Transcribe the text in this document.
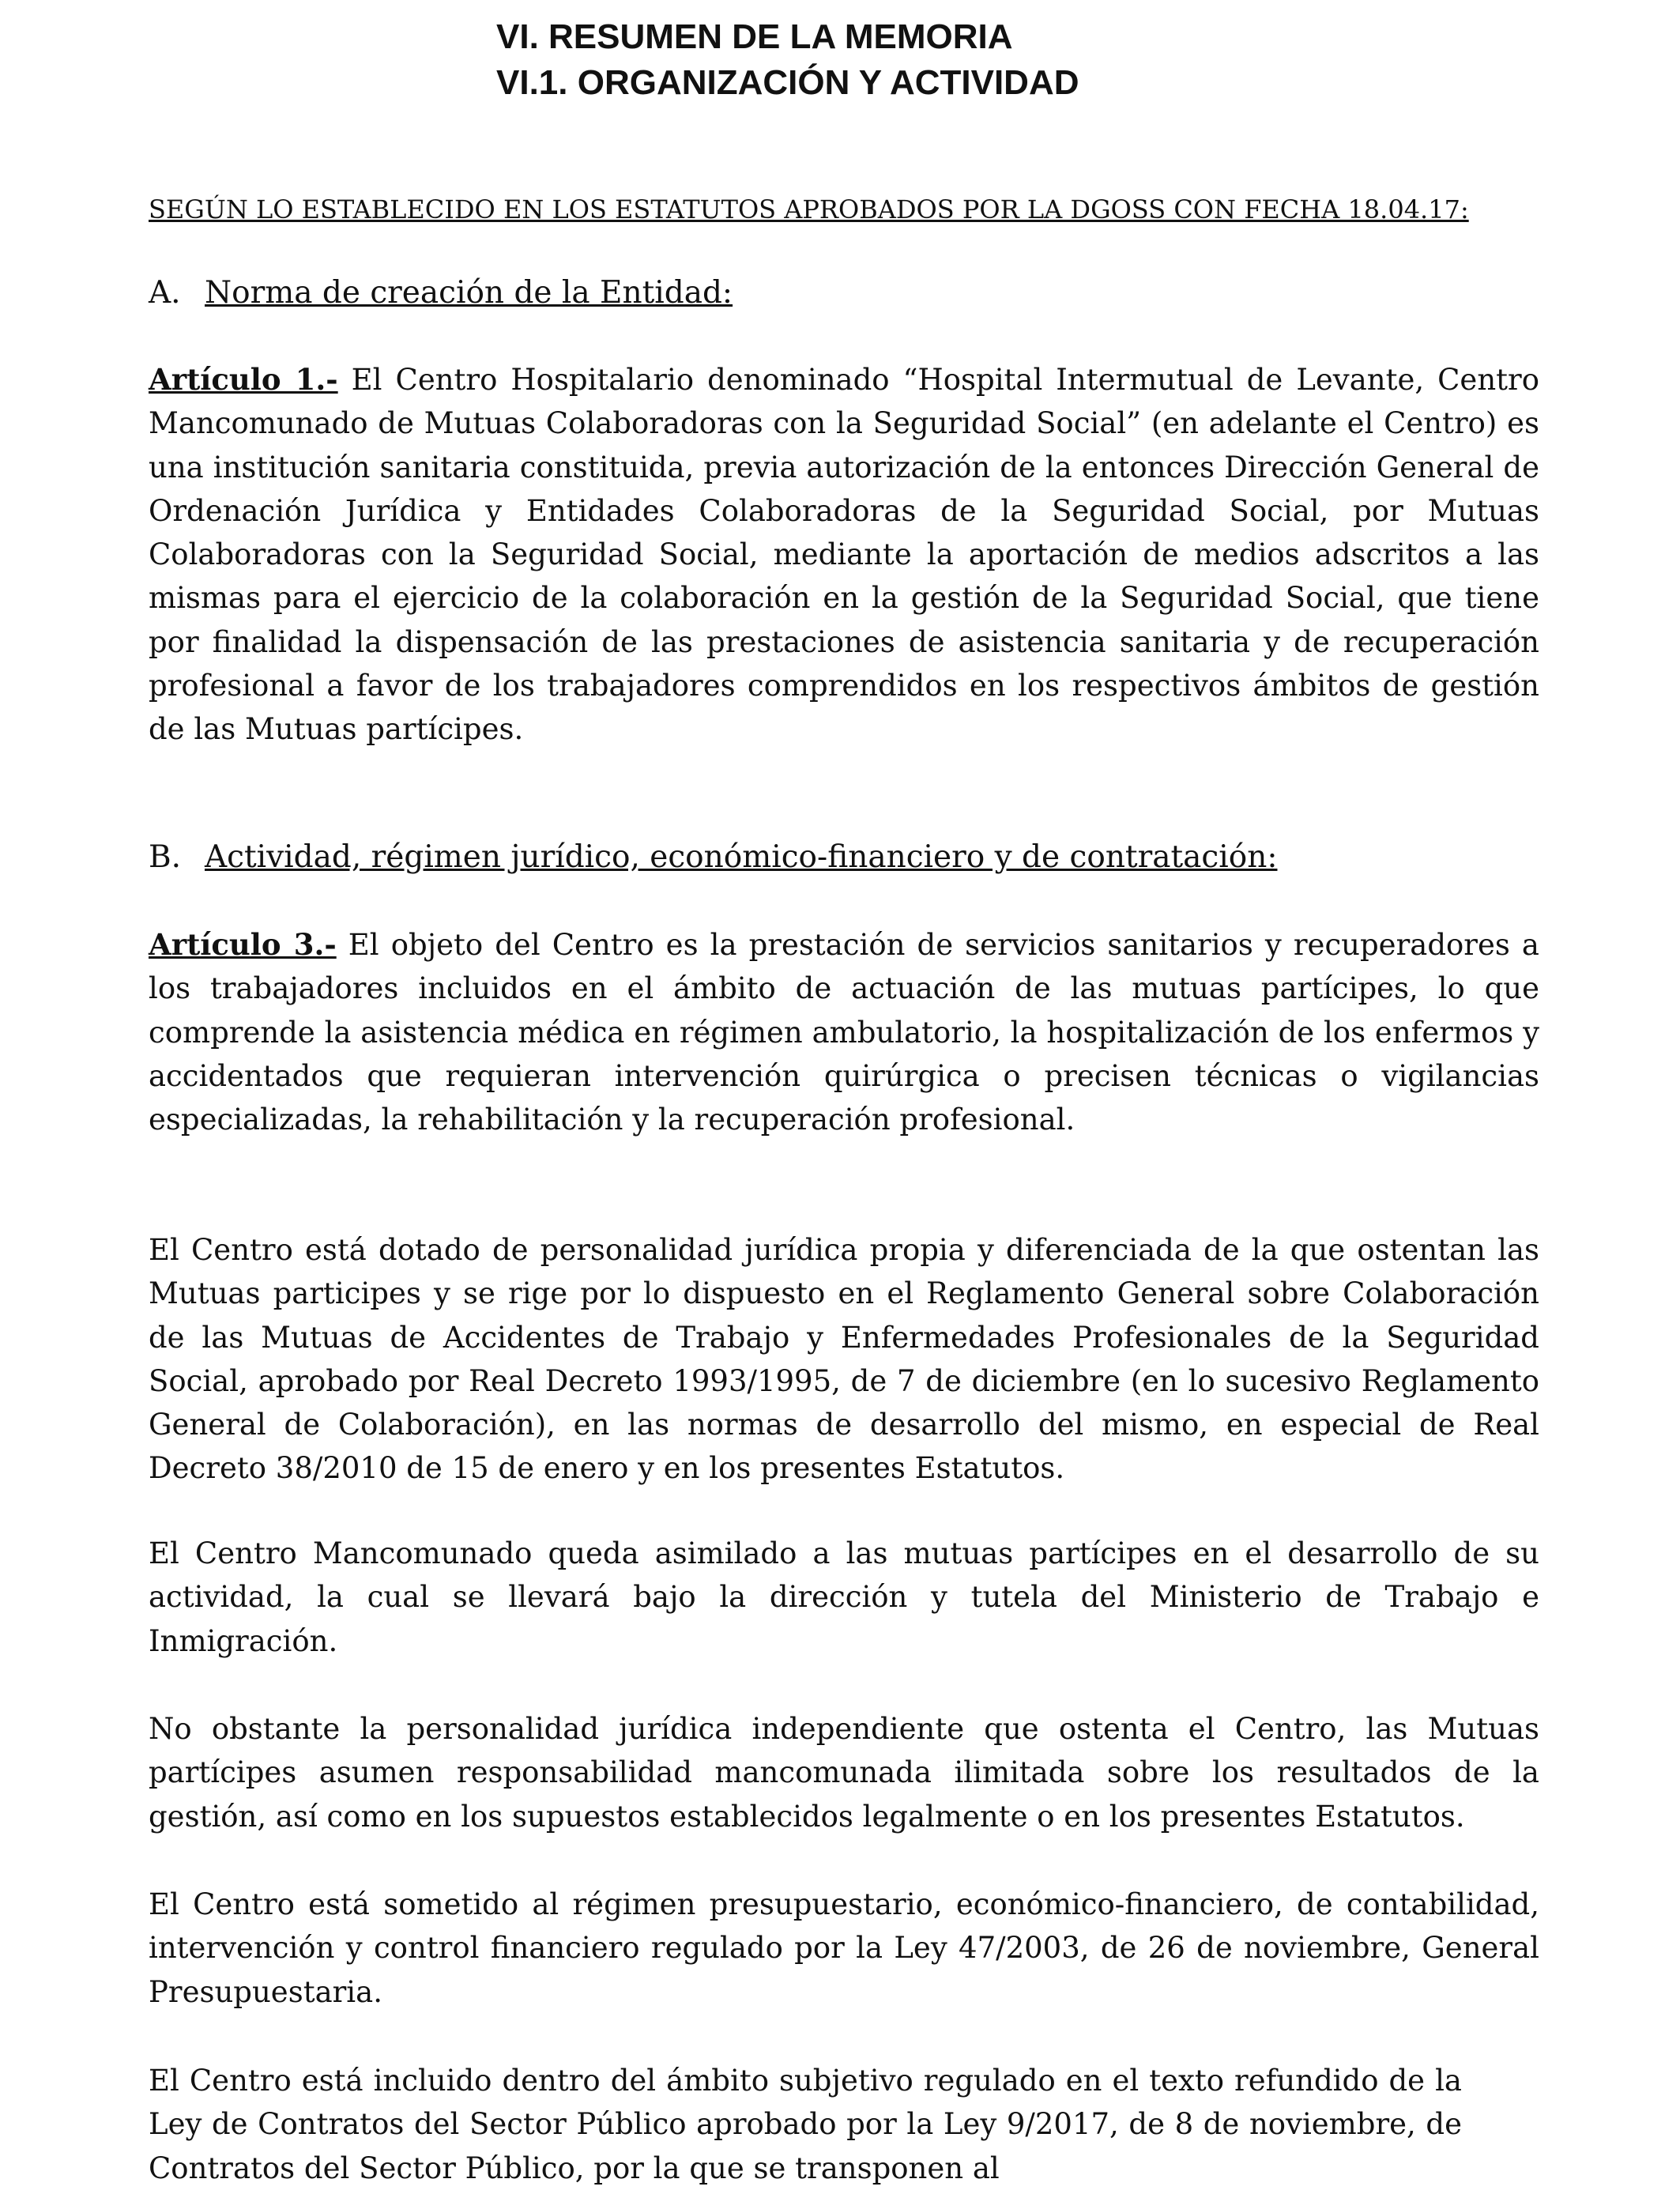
VI. RESUMEN DE LA MEMORIA
VI.1. ORGANIZACIÓN Y ACTIVIDAD

SEGÚN LO ESTABLECIDO EN LOS ESTATUTOS APROBADOS POR LA DGOSS CON FECHA 18.04.17:

A. Norma de creación de la Entidad:

Artículo 1.- El Centro Hospitalario denominado “Hospital Intermutual de Levante, Centro Mancomunado de Mutuas Colaboradoras con la Seguridad Social” (en adelante el Centro) es una institución sanitaria constituida, previa autorización de la entonces Dirección General de Ordenación Jurídica y Entidades Colaboradoras de la Seguridad Social, por Mutuas Colaboradoras con la Seguridad Social, mediante la aportación de medios adscritos a las mismas para el ejercicio de la colaboración en la gestión de la Seguridad Social, que tiene por finalidad la dispensación de las prestaciones de asistencia sanitaria y de recuperación profesional a favor de los trabajadores comprendidos en los respectivos ámbitos de gestión de las Mutuas partícipes.

B. Actividad, régimen jurídico, económico-financiero y de contratación:

Artículo 3.- El objeto del Centro es la prestación de servicios sanitarios y recuperadores a los trabajadores incluidos en el ámbito de actuación de las mutuas partícipes, lo que comprende la asistencia médica en régimen ambulatorio, la hospitalización de los enfermos y accidentados que requieran intervención quirúrgica o precisen técnicas o vigilancias especializadas, la rehabilitación y la recuperación profesional.

El Centro está dotado de personalidad jurídica propia y diferenciada de la que ostentan las Mutuas participes y se rige por lo dispuesto en el Reglamento General sobre Colaboración de las Mutuas de Accidentes de Trabajo y Enfermedades Profesionales de la Seguridad Social, aprobado por Real Decreto 1993/1995, de 7 de diciembre (en lo sucesivo Reglamento General de Colaboración), en las normas de desarrollo del mismo, en especial de Real Decreto 38/2010 de 15 de enero y en los presentes Estatutos.

El Centro Mancomunado queda asimilado a las mutuas partícipes en el desarrollo de su actividad, la cual se llevará bajo la dirección y tutela del Ministerio de Trabajo e Inmigración.

No obstante la personalidad jurídica independiente que ostenta el Centro, las Mutuas partícipes asumen responsabilidad mancomunada ilimitada sobre los resultados de la gestión, así como en los supuestos establecidos legalmente o en los presentes Estatutos.

El Centro está sometido al régimen presupuestario, económico-financiero, de contabilidad, intervención y control financiero regulado por la Ley 47/2003, de 26 de noviembre, General Presupuestaria.

El Centro está incluido dentro del ámbito subjetivo regulado en el texto refundido de la Ley de Contratos del Sector Público aprobado por la Ley 9/2017, de 8 de noviembre, de Contratos del Sector Público, por la que se transponen al
